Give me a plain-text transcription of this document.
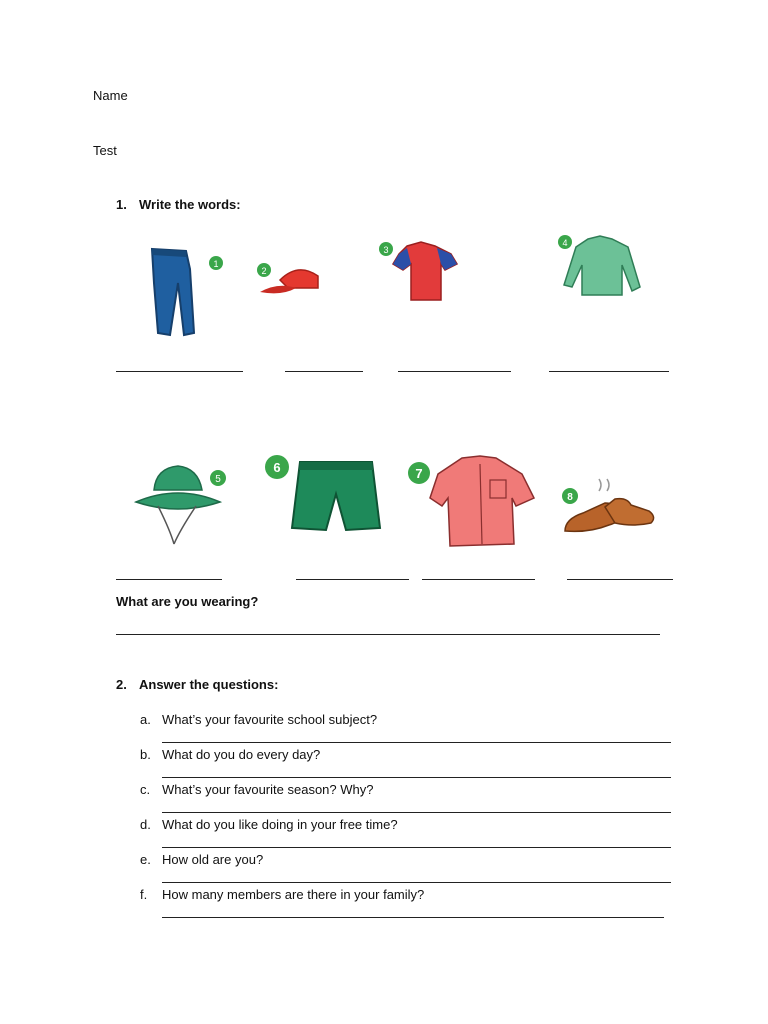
Name
Test
1. Write the words:
1
2
3
4
5
6	7
8
What are you wearing?
2. Answer the questions:
a. What’s your favourite school subject?
b. What do you do every day?
c. What’s your favourite season? Why?
d. What do you like doing in your free time?
e. How old are you?
f. How many members are there in your family?
